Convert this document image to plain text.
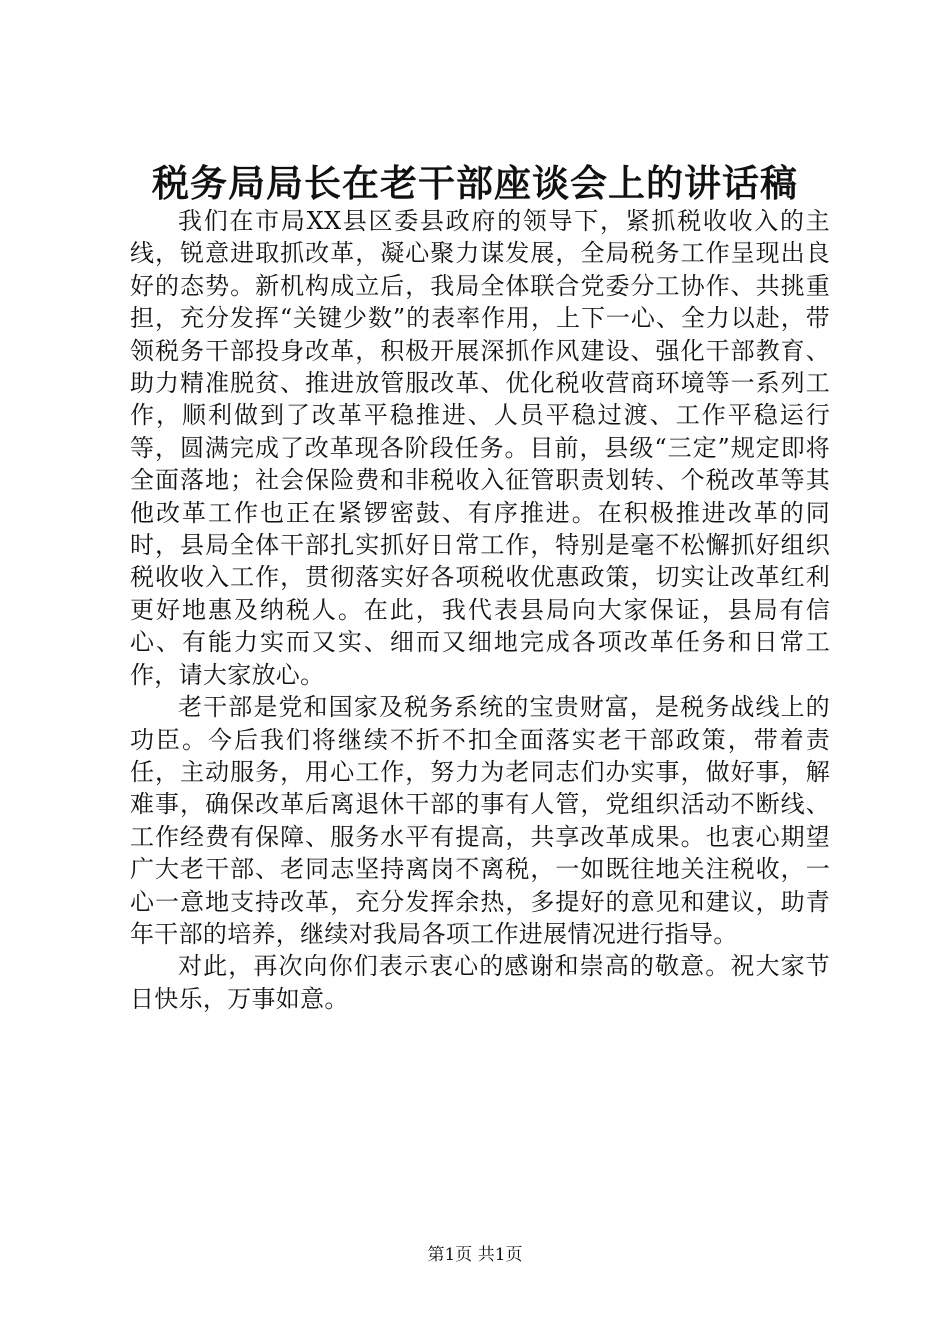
税务局局长在老干部座谈会上的讲话稿

我们在市局XX县区委县政府的领导下，紧抓税收收入的主线，锐意进取抓改革，凝心聚力谋发展，全局税务工作呈现出良好的态势。新机构成立后，我局全体联合党委分工协作、共挑重担，充分发挥“关键少数”的表率作用，上下一心、全力以赴，带领税务干部投身改革，积极开展深抓作风建设、强化干部教育、助力精准脱贫、推进放管服改革、优化税收营商环境等一系列工作，顺利做到了改革平稳推进、人员平稳过渡、工作平稳运行等，圆满完成了改革现各阶段任务。目前，县级“三定”规定即将全面落地；社会保险费和非税收入征管职责划转、个税改革等其他改革工作也正在紧锣密鼓、有序推进。在积极推进改革的同时，县局全体干部扎实抓好日常工作，特别是毫不松懈抓好组织税收收入工作，贯彻落实好各项税收优惠政策，切实让改革红利更好地惠及纳税人。在此，我代表县局向大家保证，县局有信心、有能力实而又实、细而又细地完成各项改革任务和日常工作，请大家放心。

老干部是党和国家及税务系统的宝贵财富，是税务战线上的功臣。今后我们将继续不折不扣全面落实老干部政策，带着责任，主动服务，用心工作，努力为老同志们办实事，做好事，解难事，确保改革后离退休干部的事有人管，党组织活动不断线、工作经费有保障、服务水平有提高，共享改革成果。也衷心期望广大老干部、老同志坚持离岗不离税，一如既往地关注税收，一心一意地支持改革，充分发挥余热，多提好的意见和建议，助青年干部的培养，继续对我局各项工作进展情况进行指导。

对此，再次向你们表示衷心的感谢和崇高的敬意。祝大家节日快乐，万事如意。

第1页 共1页
